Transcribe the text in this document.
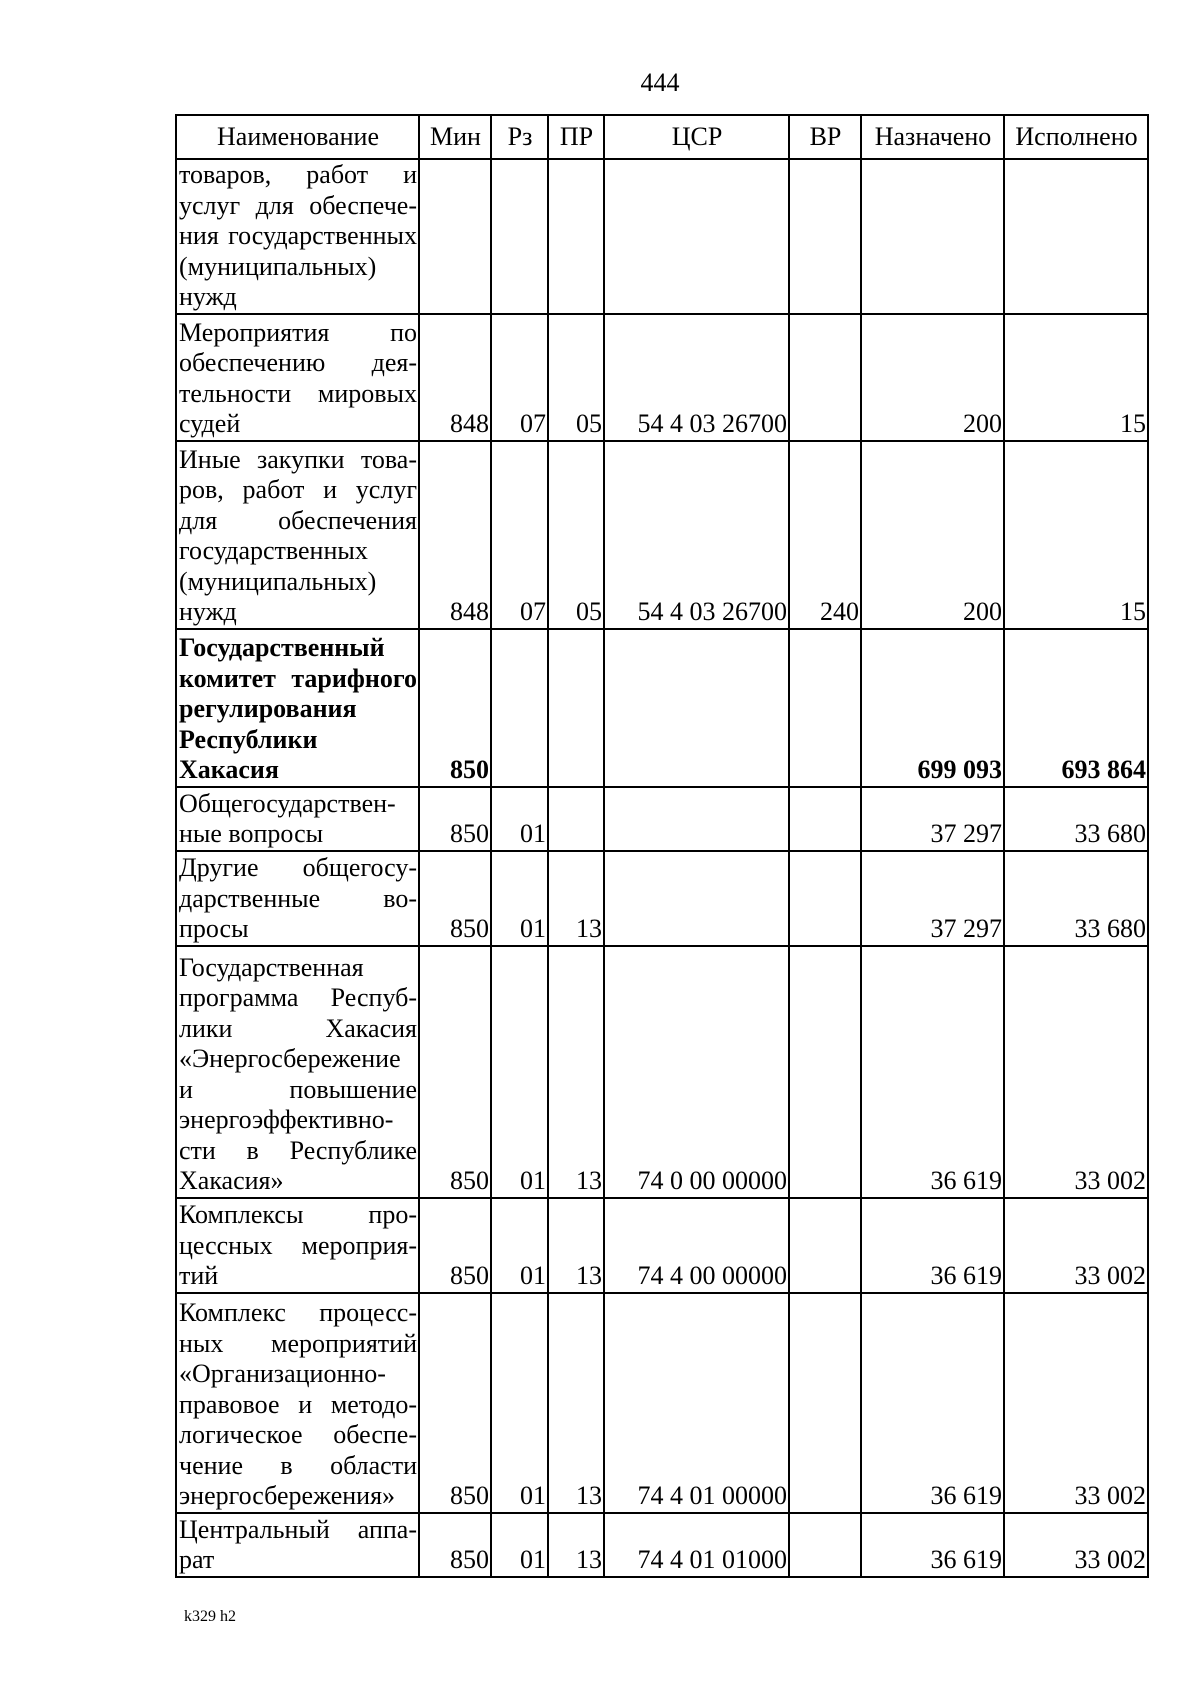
444
Наименование	Мин	Рз	ПР	ЦСР	ВР	Назначено	Исполнено
товаров, работ и услуг для обеспечения государственных (муниципальных) нужд							
Мероприятия по обеспечению деятельности мировых судей	848	07	05	54 4 03 26700		200	15
Иные закупки товаров, работ и услуг для обеспечения государственных (муниципальных) нужд	848	07	05	54 4 03 26700	240	200	15
Государственный комитет тарифного регулирования Республики Хакасия	850					699 093	693 864
Общегосударственные вопросы	850	01				37 297	33 680
Другие общегосударственные вопросы	850	01	13			37 297	33 680
Государственная программа Республики Хакасия «Энергосбережение и повышение энергоэффективности в Республике Хакасия»	850	01	13	74 0 00 00000		36 619	33 002
Комплексы процессных мероприятий	850	01	13	74 4 00 00000		36 619	33 002
Комплекс процессных мероприятий «Организационно-правовое и методологическое обеспечение в области энергосбережения»	850	01	13	74 4 01 00000		36 619	33 002
Центральный аппарат	850	01	13	74 4 01 01000		36 619	33 002
k329 h2
